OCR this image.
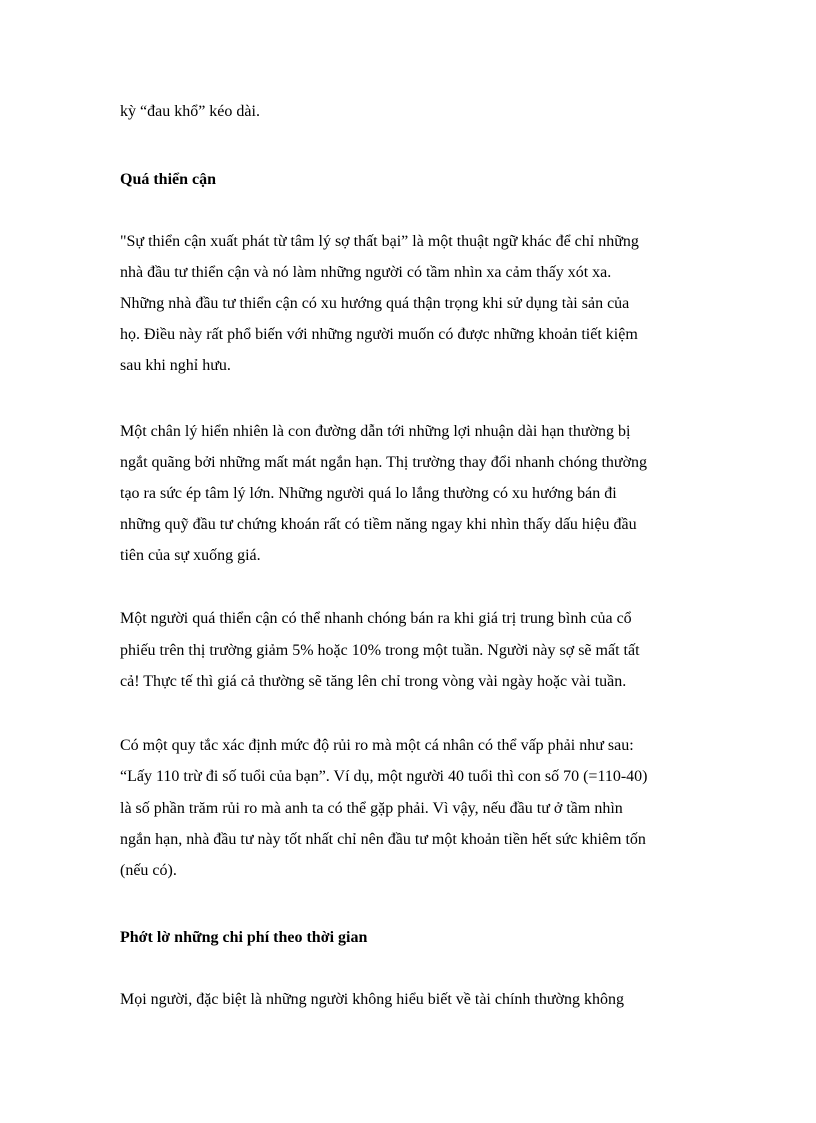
kỳ “đau khổ” kéo dài.
Quá thiển cận
"Sự thiển cận xuất phát từ tâm lý sợ thất bại” là một thuật ngữ khác để chỉ những
nhà đầu tư thiển cận và nó làm những người có tầm nhìn xa cảm thấy xót xa.
Những nhà đầu tư thiển cận có xu hướng quá thận trọng khi sử dụng tài sản của
họ. Điều này rất phổ biến với những người muốn có được những khoản tiết kiệm
sau khi nghỉ hưu.
Một chân lý hiển nhiên là con đường dẫn tới những lợi nhuận dài hạn thường bị
ngắt quãng bởi những mất mát ngắn hạn. Thị trường thay đổi nhanh chóng thường
tạo ra sức ép tâm lý lớn. Những người quá lo lắng thường có xu hướng bán đi
những quỹ đầu tư chứng khoán rất có tiềm năng ngay khi nhìn thấy dấu hiệu đầu
tiên của sự xuống giá.
Một người quá thiển cận có thể nhanh chóng bán ra khi giá trị trung bình của cổ
phiếu trên thị trường giảm 5% hoặc 10% trong một tuần. Người này sợ sẽ mất tất
cả! Thực tế thì giá cả thường sẽ tăng lên chỉ trong vòng vài ngày hoặc vài tuần.
Có một quy tắc xác định mức độ rủi ro mà một cá nhân có thể vấp phải như sau:
“Lấy 110 trừ đi số tuổi của bạn”. Ví dụ, một người 40 tuổi thì con số 70 (=110-40)
là số phần trăm rủi ro mà anh ta có thể gặp phải. Vì vậy, nếu đầu tư ở tầm nhìn
ngắn hạn, nhà đầu tư này tốt nhất chỉ nên đầu tư một khoản tiền hết sức khiêm tốn
(nếu có).
Phớt lờ những chi phí theo thời gian
Mọi người, đặc biệt là những người không hiểu biết về tài chính thường không
